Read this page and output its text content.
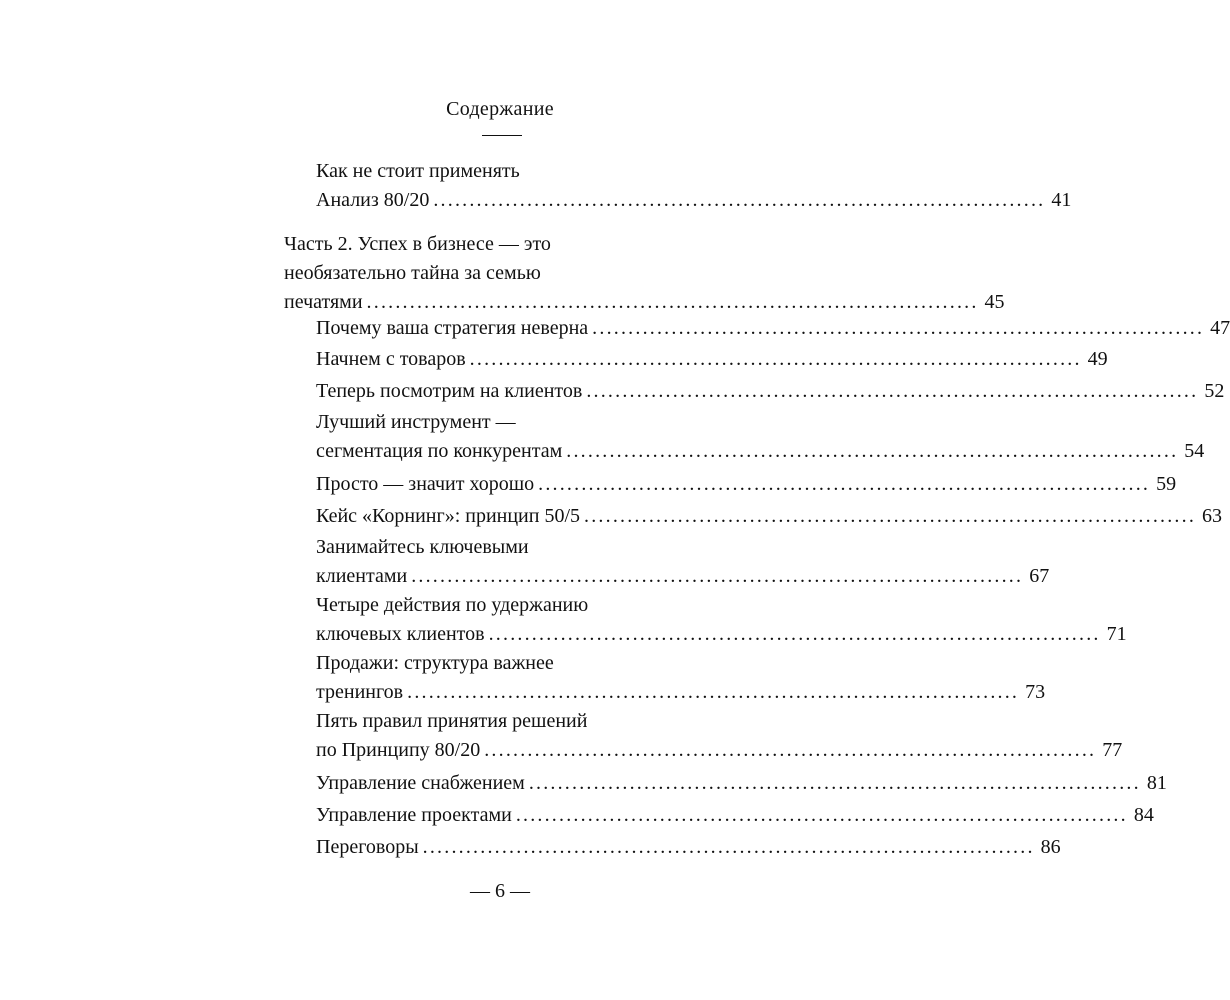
Содержание
Как не стоит применять
Анализ 80/20 ..................................................................................... 41
Часть 2. Успех в бизнесе — это
необязательно тайна за семью
печатями ..................................................................................... 45
Почему ваша стратегия неверна ..................................................................................... 47
Начнем с товаров ..................................................................................... 49
Теперь посмотрим на клиентов ..................................................................................... 52
Лучший инструмент —
сегментация по конкурентам ..................................................................................... 54
Просто — значит хорошо ..................................................................................... 59
Кейс «Корнинг»: принцип 50/5 ..................................................................................... 63
Занимайтесь ключевыми
клиентами ..................................................................................... 67
Четыре действия по удержанию
ключевых клиентов ..................................................................................... 71
Продажи: структура важнее
тренингов ..................................................................................... 73
Пять правил принятия решений
по Принципу 80/20 ..................................................................................... 77
Управление снабжением ..................................................................................... 81
Управление проектами ..................................................................................... 84
Переговоры ..................................................................................... 86
— 6 —
